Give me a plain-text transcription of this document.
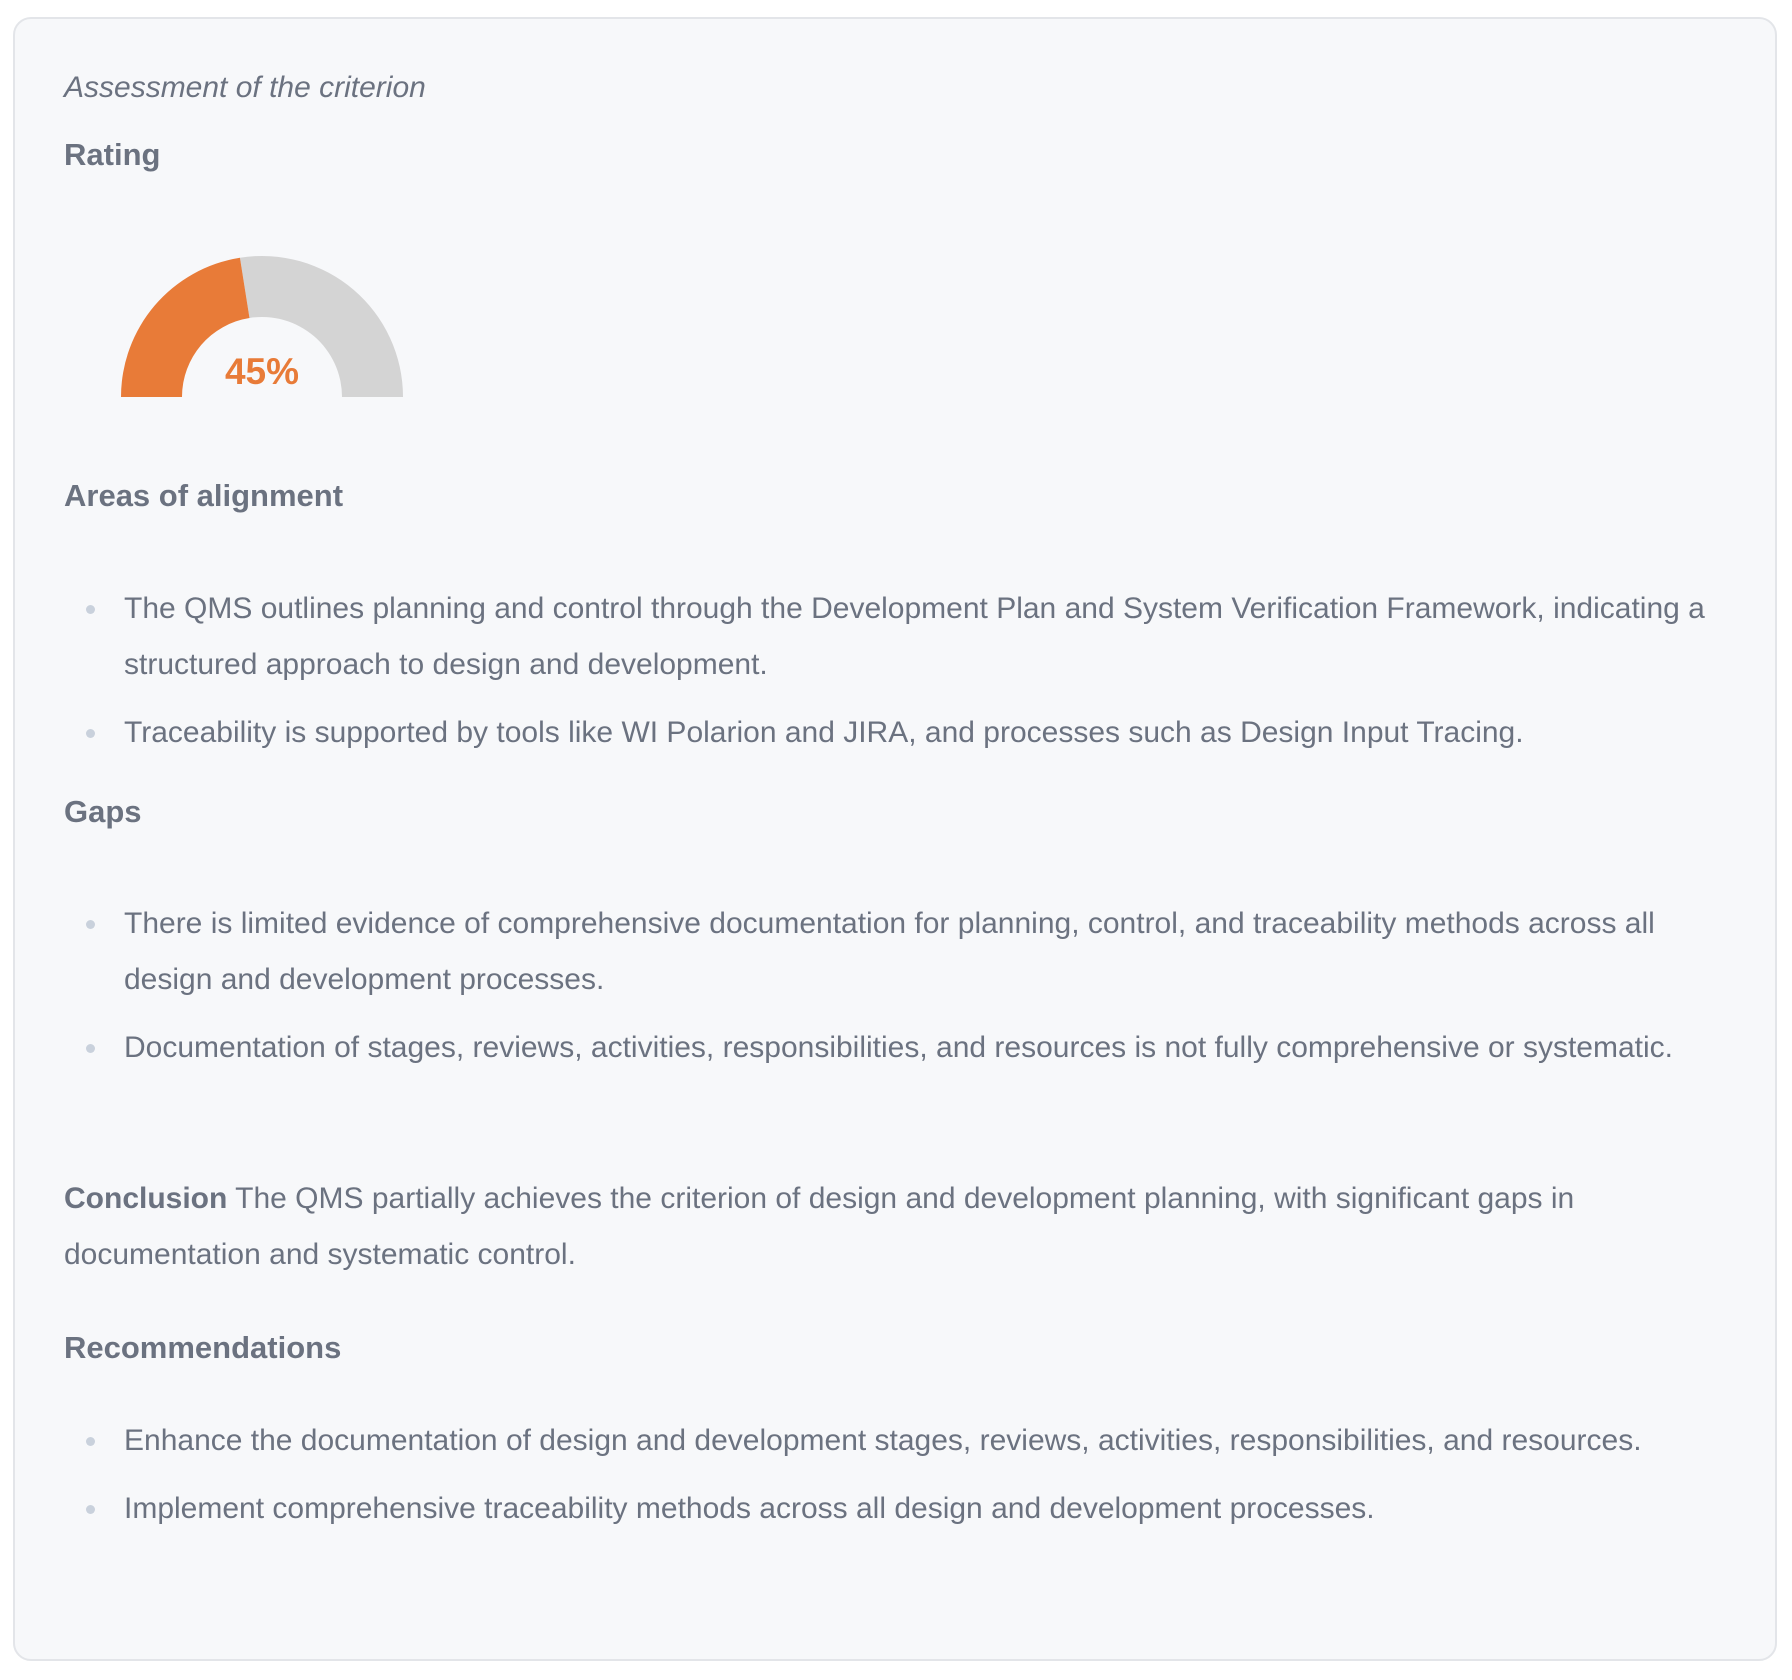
Assessment of the criterion
Rating
45%
Areas of alignment
The QMS outlines planning and control through the Development Plan and System Verification Framework, indicating a structured approach to design and development.
Traceability is supported by tools like WI Polarion and JIRA, and processes such as Design Input Tracing.
Gaps
There is limited evidence of comprehensive documentation for planning, control, and traceability methods across all design and development processes.
Documentation of stages, reviews, activities, responsibilities, and resources is not fully comprehensive or systematic.
Conclusion The QMS partially achieves the criterion of design and development planning, with significant gaps in documentation and systematic control.
Recommendations
Enhance the documentation of design and development stages, reviews, activities, responsibilities, and resources.
Implement comprehensive traceability methods across all design and development processes.
